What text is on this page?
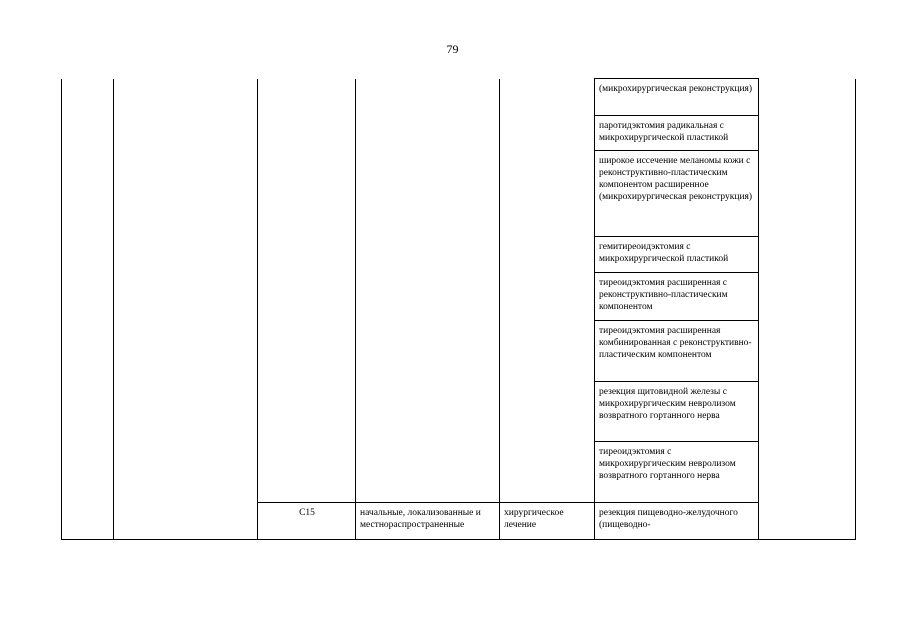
79
					(микрохирургическая реконструкция)	
					паротидэктомия радикальная с микрохирургической пластикой	
					широкое иссечение меланомы кожи с реконструктивно-пластическим компонентом расширенное (микрохирургическая реконструкция)	
					гемитиреоидэктомия с микрохирургической пластикой	
					тиреоидэктомия расширенная с реконструктивно-пластическим компонентом	
					тиреоидэктомия расширенная комбинированная с реконструктивно-пластическим компонентом	
					резекция щитовидной железы с микрохирургическим невролизом возвратного гортанного нерва	
					тиреоидэктомия с микрохирургическим невролизом возвратного гортанного нерва	
		C15	начальные, локализованные и местнораспространенные	хирургическое лечение	резекция пищеводно-желудочного (пищеводно-	
